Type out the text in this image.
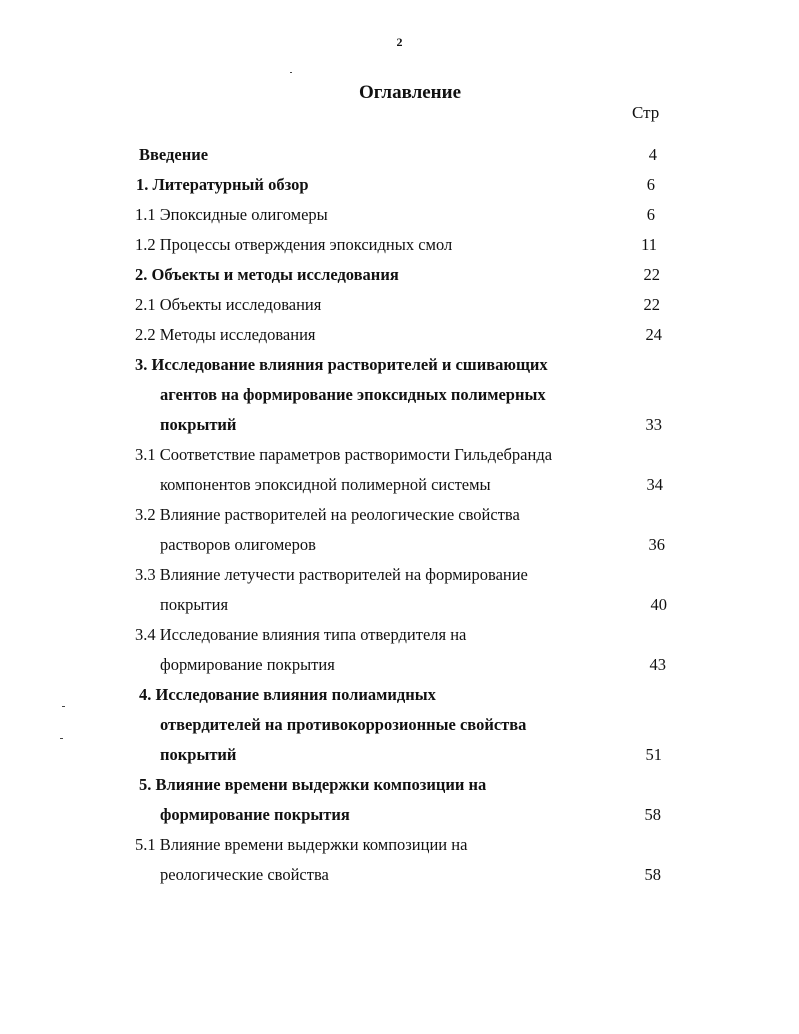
2
Оглавление
Стр
Введение	4
1. Литературный обзор	6
1.1 Эпоксидные олигомеры	6
1.2 Процессы отверждения эпоксидных смол	11
2. Объекты и методы исследования	22
2.1 Объекты исследования	22
2.2 Методы исследования	24
3. Исследование влияния растворителей и сшивающих
агентов на формирование эпоксидных полимерных
покрытий	33
3.1 Соответствие параметров растворимости Гильдебранда
компонентов эпоксидной полимерной системы	34
3.2 Влияние растворителей на реологические свойства
растворов олигомеров	36
3.3 Влияние летучести растворителей на формирование
покрытия	40
3.4 Исследование влияния типа отвердителя на
формирование покрытия	43
4. Исследование влияния полиамидных
отвердителей на противокоррозионные свойства
покрытий	51
5. Влияние времени выдержки композиции на
формирование покрытия	58
5.1 Влияние времени выдержки композиции на
реологические свойства	58
